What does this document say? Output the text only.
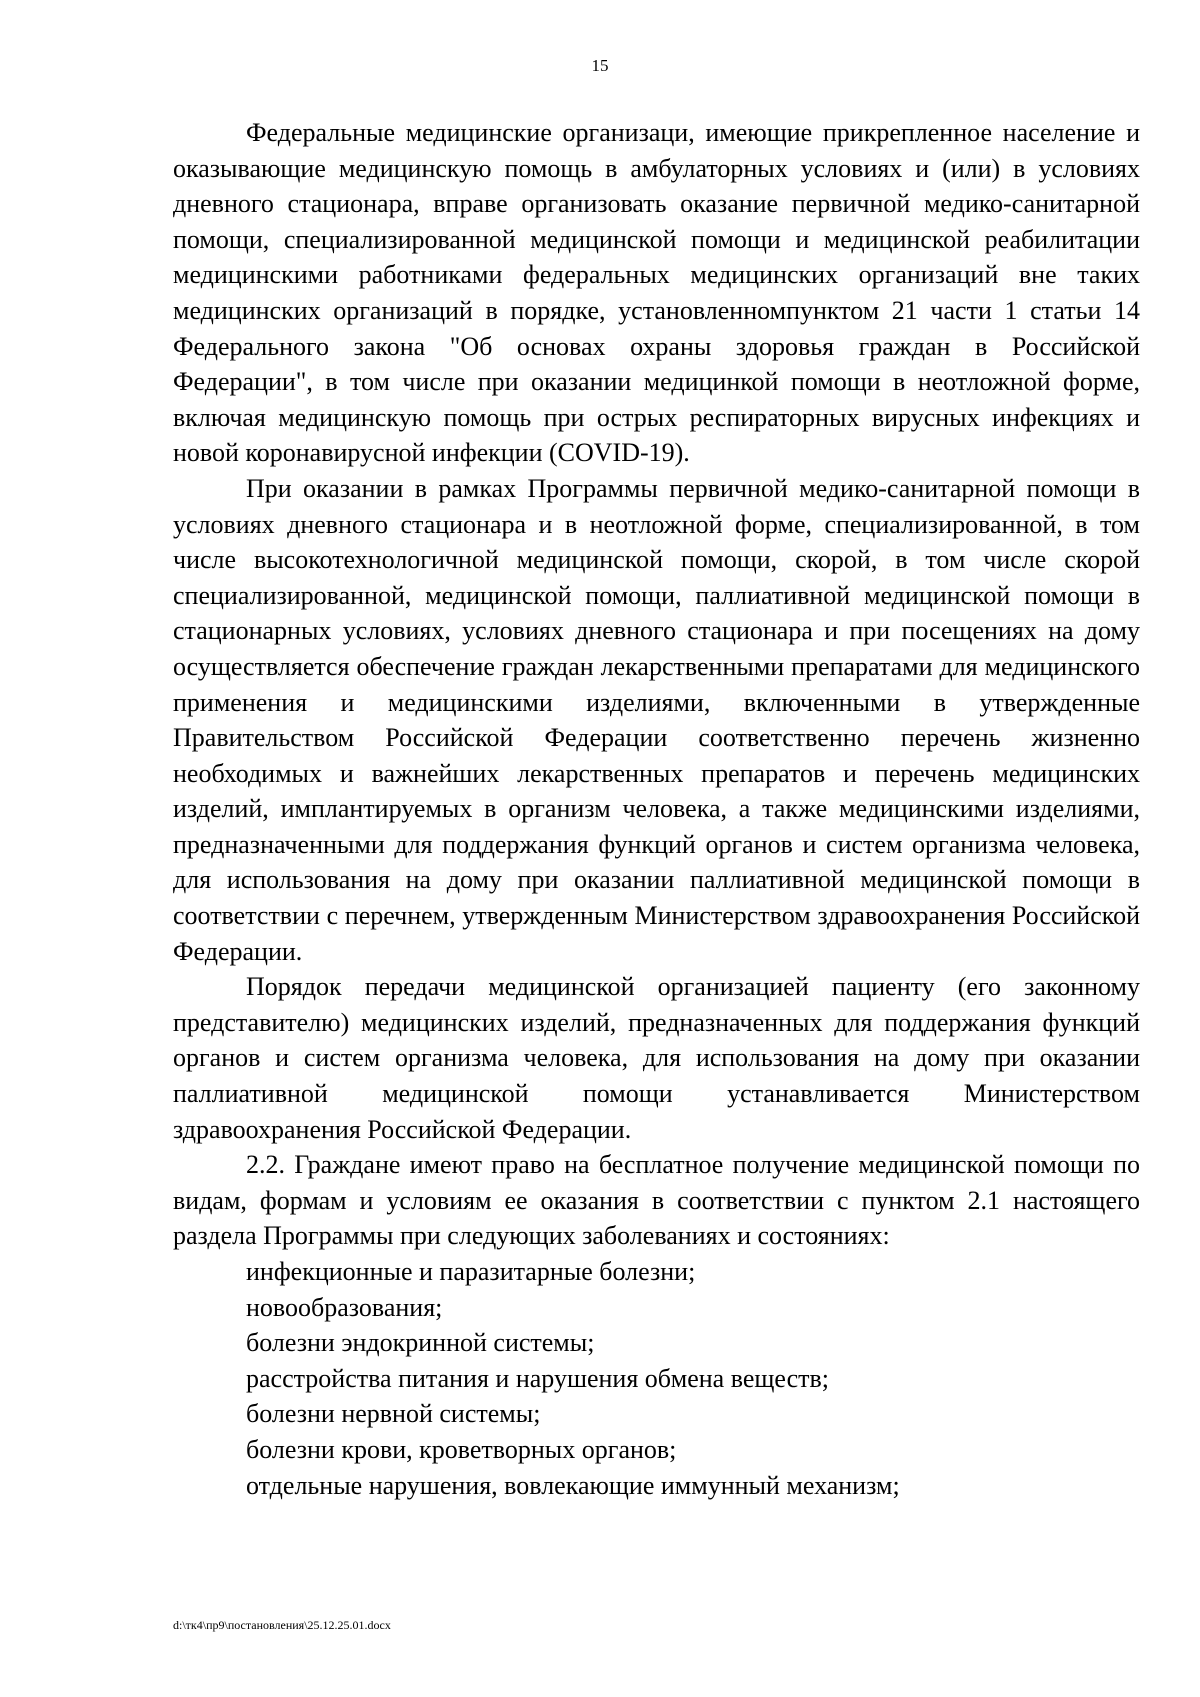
15

Федеральные медицинские организаци, имеющие прикрепленное население и оказывающие медицинскую помощь в амбулаторных условиях и (или) в условиях дневного стационара, вправе организовать оказание первичной медико-санитарной помощи, специализированной медицинской помощи и медицинской реабилитации медицинскими работниками федеральных медицинских организаций вне таких медицинских организаций в порядке, установленномпунктом 21 части 1 статьи 14 Федерального закона "Об основах охраны здоровья граждан в Российской Федерации", в том числе при оказании медицинкой помощи в неотложной форме, включая медицинскую помощь при острых респираторных вирусных инфекциях и новой коронавирусной инфекции (COVID-19).

При оказании в рамках Программы первичной медико-санитарной помощи в условиях дневного стационара и в неотложной форме, специализированной, в том числе высокотехнологичной медицинской помощи, скорой, в том числе скорой специализированной, медицинской помощи, паллиативной медицинской помощи в стационарных условиях, условиях дневного стационара и при посещениях на дому осуществляется обеспечение граждан лекарственными препаратами для медицинского применения и медицинскими изделиями, включенными в утвержденные Правительством Российской Федерации соответственно перечень жизненно необходимых и важнейших лекарственных препаратов и перечень медицинских изделий, имплантируемых в организм человека, а также медицинскими изделиями, предназначенными для поддержания функций органов и систем организма человека, для использования на дому при оказании паллиативной медицинской помощи в соответствии с перечнем, утвержденным Министерством здравоохранения Российской Федерации.

Порядок передачи медицинской организацией пациенту (его законному представителю) медицинских изделий, предназначенных для поддержания функций органов и систем организма человека, для использования на дому при оказании паллиативной медицинской помощи устанавливается Министерством здравоохранения Российской Федерации.

2.2. Граждане имеют право на бесплатное получение медицинской помощи по видам, формам и условиям ее оказания в соответствии с пунктом 2.1 настоящего раздела Программы при следующих заболеваниях и состояниях:

инфекционные и паразитарные болезни;
новообразования;
болезни эндокринной системы;
расстройства питания и нарушения обмена веществ;
болезни нервной системы;
болезни крови, кроветворных органов;
отдельные нарушения, вовлекающие иммунный механизм;
d:\тк4\пр9\постановления\25.12.25.01.docx
